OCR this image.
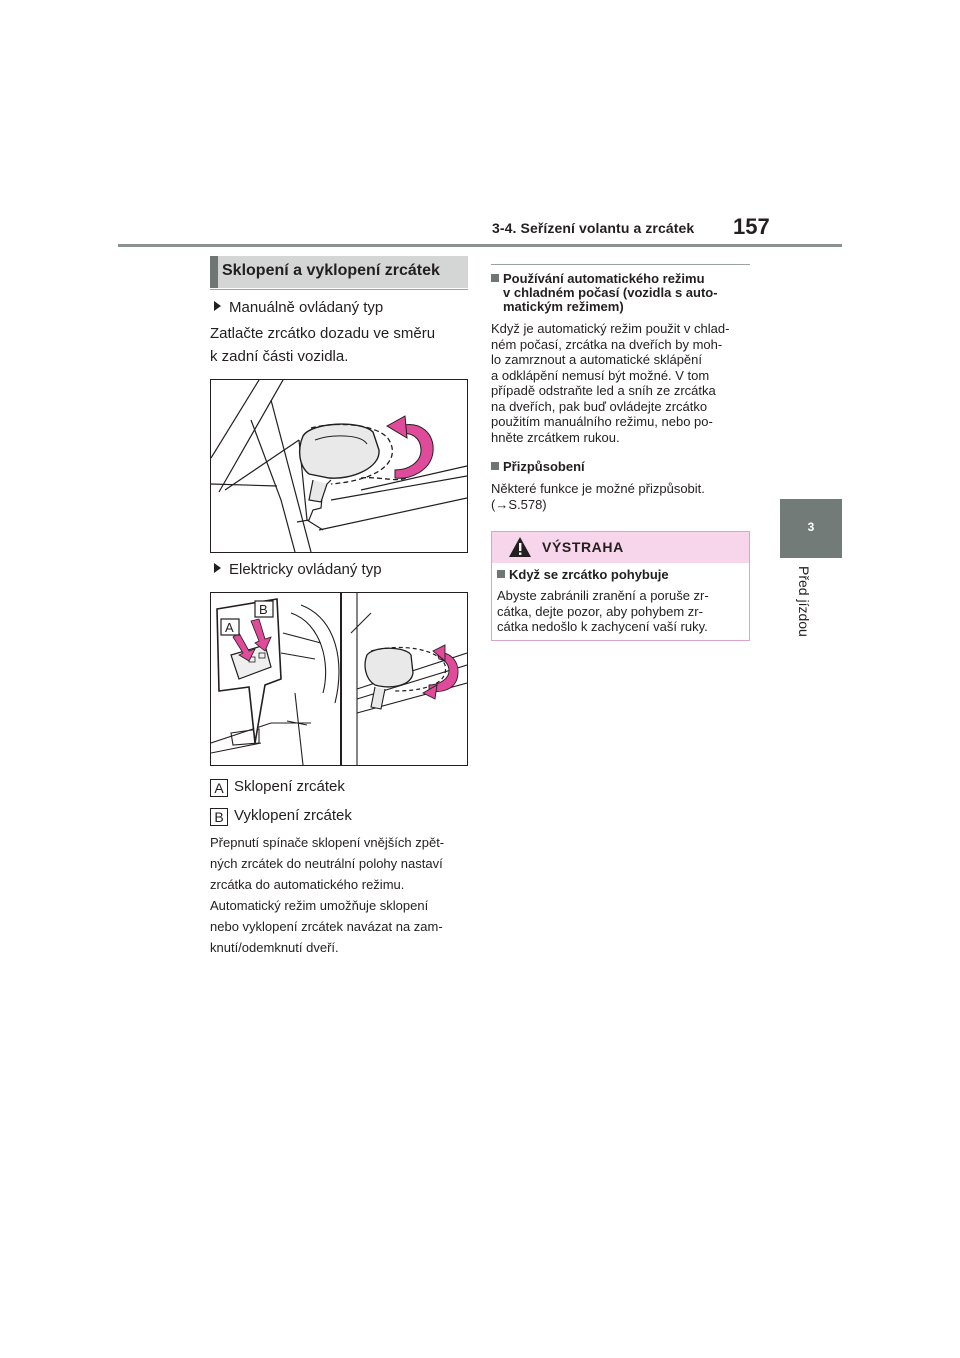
3-4. Seřízení volantu a zrcátek 157
3
Před jízdou
Sklopení a vyklopení zrcátek
Manuálně ovládaný typ
Zatlačte zrcátko dozadu ve směru
k zadní části vozidla.
Elektricky ovládaný typ
A
B
A Sklopení zrcátek
B Vyklopení zrcátek
Přepnutí spínače sklopení vnějších zpět-
ných zrcátek do neutrální polohy nastaví
zrcátka do automatického režimu.
Automatický režim umožňuje sklopení
nebo vyklopení zrcátek navázat na zam-
knutí/odemknutí dveří.
Používání automatického režimu
v chladném počasí (vozidla s auto-
matickým režimem)
Když je automatický režim použit v chlad-
ném počasí, zrcátka na dveřích by moh-
lo zamrznout a automatické sklápění
a odklápění nemusí být možné. V tom
případě odstraňte led a sníh ze zrcátka
na dveřích, pak buď ovládejte zrcátko
použitím manuálního režimu, nebo po-
hněte zrcátkem rukou.
Přizpůsobení
Některé funkce je možné přizpůsobit.
(→S.578)
VÝSTRAHA
Když se zrcátko pohybuje
Abyste zabránili zranění a poruše zr-
cátka, dejte pozor, aby pohybem zr-
cátka nedošlo k zachycení vaší ruky.
